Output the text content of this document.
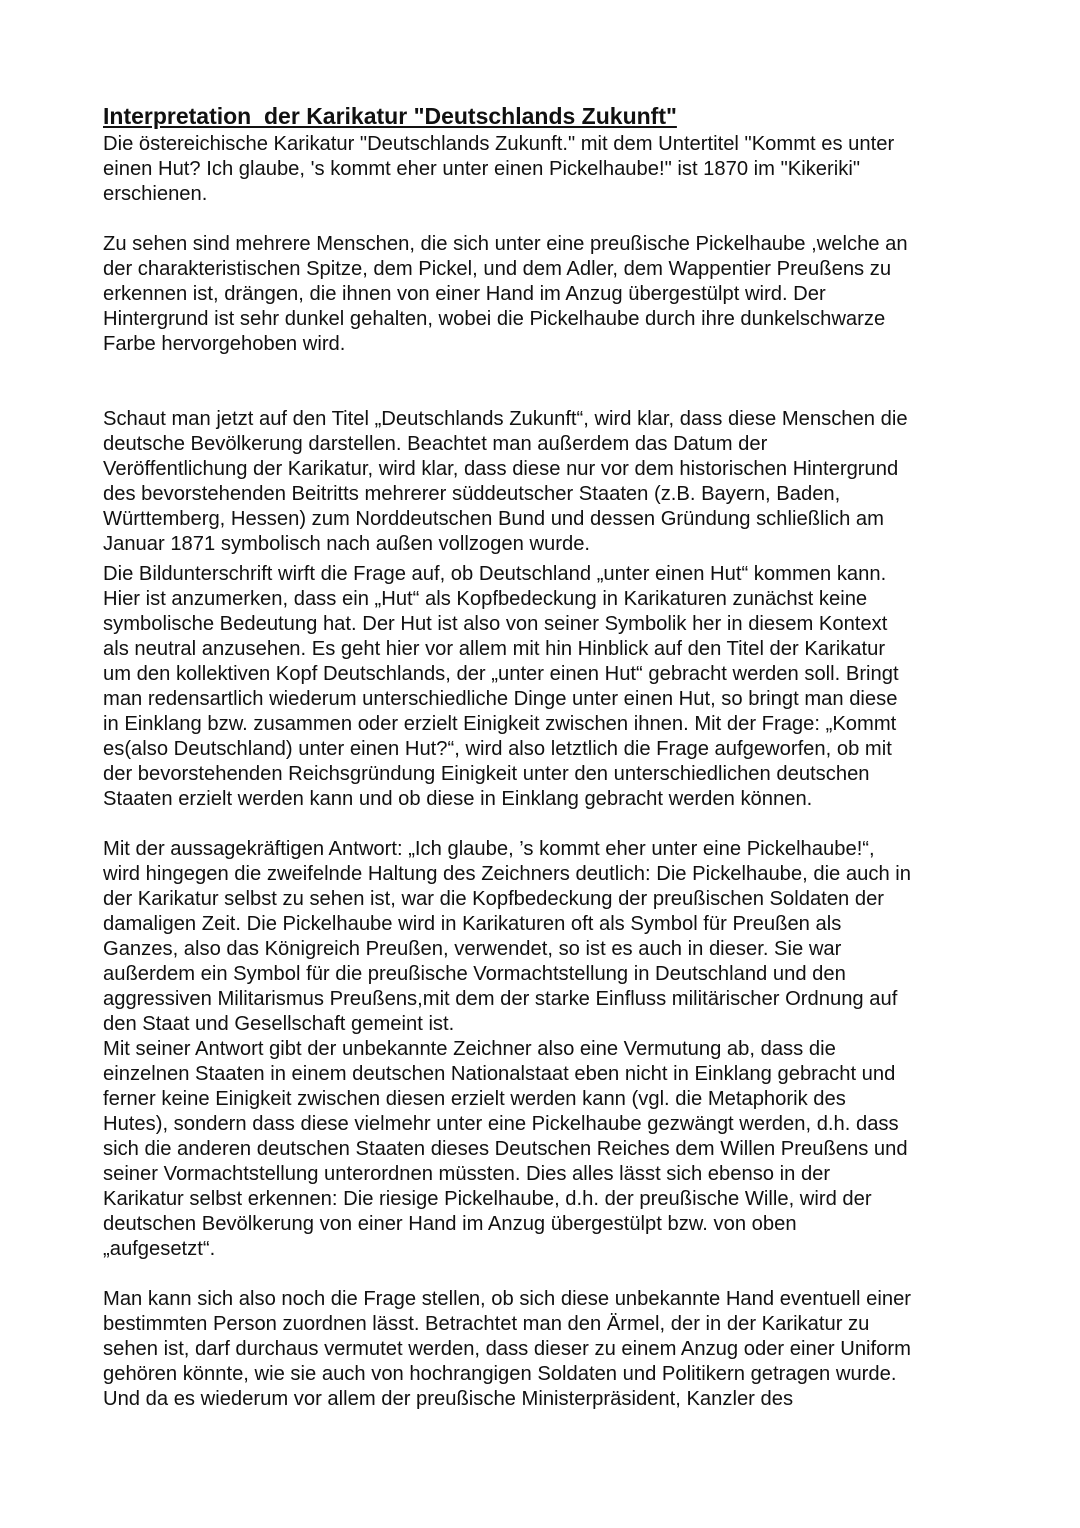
Interpretation  der Karikatur "Deutschlands Zukunft"
Die östereichische Karikatur "Deutschlands Zukunft." mit dem Untertitel "Kommt es unter
einen Hut? Ich glaube, 's kommt eher unter einen Pickelhaube!" ist 1870 im "Kikeriki"
erschienen.
Zu sehen sind mehrere Menschen, die sich unter eine preußische Pickelhaube ,welche an
der charakteristischen Spitze, dem Pickel, und dem Adler, dem Wappentier Preußens zu
erkennen ist, drängen, die ihnen von einer Hand im Anzug übergestülpt wird. Der
Hintergrund ist sehr dunkel gehalten, wobei die Pickelhaube durch ihre dunkelschwarze
Farbe hervorgehoben wird.
Schaut man jetzt auf den Titel „Deutschlands Zukunft“, wird klar, dass diese Menschen die
deutsche Bevölkerung darstellen. Beachtet man außerdem das Datum der
Veröffentlichung der Karikatur, wird klar, dass diese nur vor dem historischen Hintergrund
des bevorstehenden Beitritts mehrerer süddeutscher Staaten (z.B. Bayern, Baden,
Württemberg, Hessen) zum Norddeutschen Bund und dessen Gründung schließlich am
Januar 1871 symbolisch nach außen vollzogen wurde.
Die Bildunterschrift wirft die Frage auf, ob Deutschland „unter einen Hut“ kommen kann.
Hier ist anzumerken, dass ein „Hut“ als Kopfbedeckung in Karikaturen zunächst keine
symbolische Bedeutung hat. Der Hut ist also von seiner Symbolik her in diesem Kontext
als neutral anzusehen. Es geht hier vor allem mit hin Hinblick auf den Titel der Karikatur
um den kollektiven Kopf Deutschlands, der „unter einen Hut“ gebracht werden soll. Bringt
man redensartlich wiederum unterschiedliche Dinge unter einen Hut, so bringt man diese
in Einklang bzw. zusammen oder erzielt Einigkeit zwischen ihnen. Mit der Frage: „Kommt
es(also Deutschland) unter einen Hut?“, wird also letztlich die Frage aufgeworfen, ob mit
der bevorstehenden Reichsgründung Einigkeit unter den unterschiedlichen deutschen
Staaten erzielt werden kann und ob diese in Einklang gebracht werden können.
Mit der aussagekräftigen Antwort: „Ich glaube, ’s kommt eher unter eine Pickelhaube!“,
wird hingegen die zweifelnde Haltung des Zeichners deutlich: Die Pickelhaube, die auch in
der Karikatur selbst zu sehen ist, war die Kopfbedeckung der preußischen Soldaten der
damaligen Zeit. Die Pickelhaube wird in Karikaturen oft als Symbol für Preußen als
Ganzes, also das Königreich Preußen, verwendet, so ist es auch in dieser. Sie war
außerdem ein Symbol für die preußische Vormachtstellung in Deutschland und den
aggressiven Militarismus Preußens,mit dem der starke Einfluss militärischer Ordnung auf
den Staat und Gesellschaft gemeint ist.
Mit seiner Antwort gibt der unbekannte Zeichner also eine Vermutung ab, dass die
einzelnen Staaten in einem deutschen Nationalstaat eben nicht in Einklang gebracht und
ferner keine Einigkeit zwischen diesen erzielt werden kann (vgl. die Metaphorik des
Hutes), sondern dass diese vielmehr unter eine Pickelhaube gezwängt werden, d.h. dass
sich die anderen deutschen Staaten dieses Deutschen Reiches dem Willen Preußens und
seiner Vormachtstellung unterordnen müssten. Dies alles lässt sich ebenso in der
Karikatur selbst erkennen: Die riesige Pickelhaube, d.h. der preußische Wille, wird der
deutschen Bevölkerung von einer Hand im Anzug übergestülpt bzw. von oben
„aufgesetzt“.
Man kann sich also noch die Frage stellen, ob sich diese unbekannte Hand eventuell einer
bestimmten Person zuordnen lässt. Betrachtet man den Ärmel, der in der Karikatur zu
sehen ist, darf durchaus vermutet werden, dass dieser zu einem Anzug oder einer Uniform
gehören könnte, wie sie auch von hochrangigen Soldaten und Politikern getragen wurde.
Und da es wiederum vor allem der preußische Ministerpräsident, Kanzler des
